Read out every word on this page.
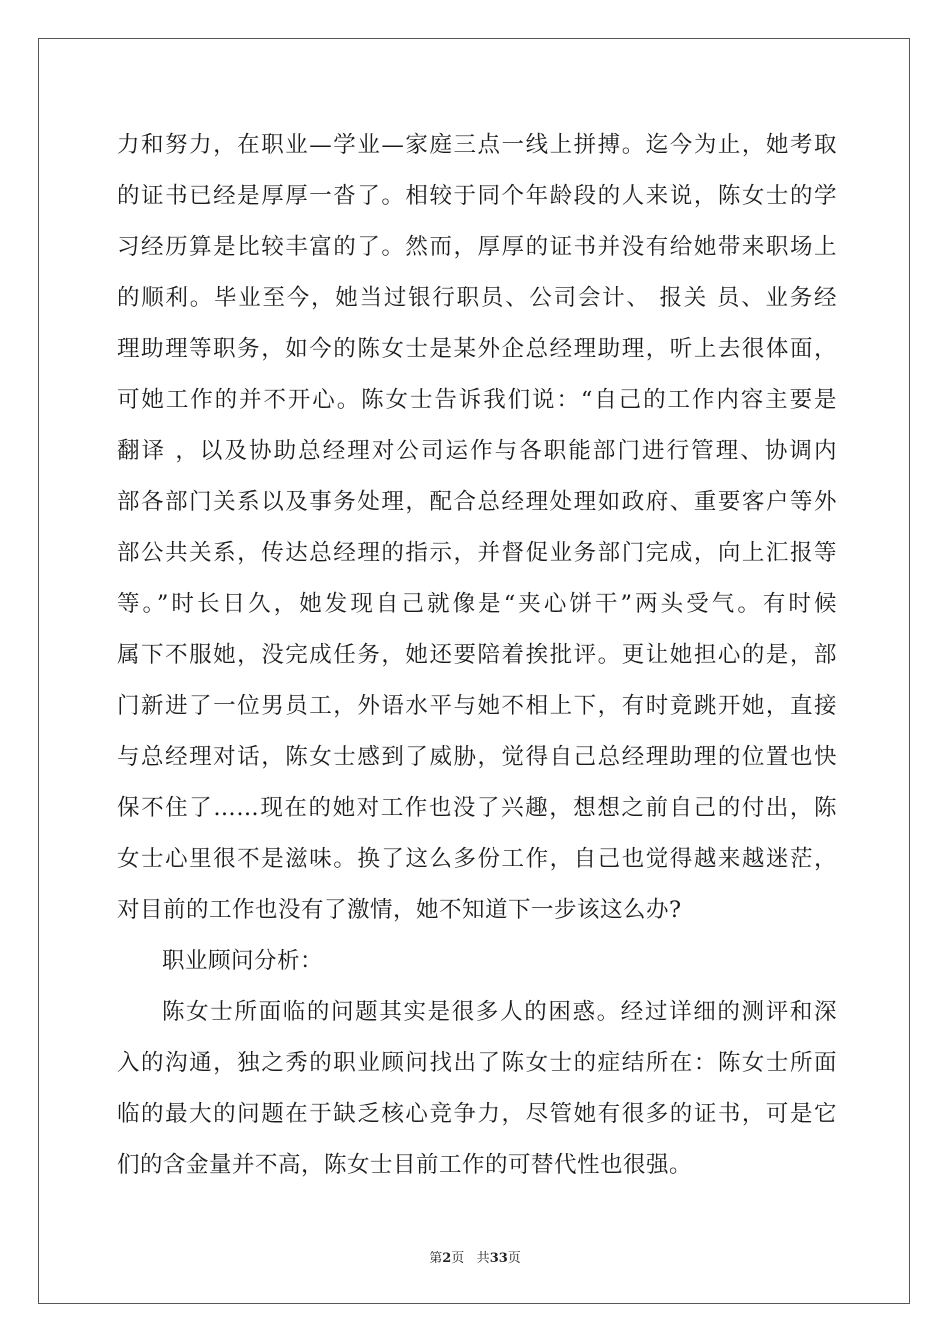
力和努力，在职业—学业—家庭三点一线上拼搏。迄今为止，她考取
的证书已经是厚厚一沓了。相较于同个年龄段的人来说，陈女士的学
习经历算是比较丰富的了。然而，厚厚的证书并没有给她带来职场上
的顺利。毕业至今，她当过银行职员、公司会计、 报关 员、业务经
理助理等职务，如今的陈女士是某外企总经理助理，听上去很体面，
可她工作的并不开心。陈女士告诉我们说：“自己的工作内容主要是
翻译 ，以及协助总经理对公司运作与各职能部门进行管理、协调内
部各部门关系以及事务处理，配合总经理处理如政府、重要客户等外
部公共关系，传达总经理的指示，并督促业务部门完成，向上汇报等
等。”时长日久，她发现自己就像是“夹心饼干”两头受气。有时候
属下不服她，没完成任务，她还要陪着挨批评。更让她担心的是，部
门新进了一位男员工，外语水平与她不相上下，有时竟跳开她，直接
与总经理对话，陈女士感到了威胁，觉得自己总经理助理的位置也快
保不住了……现在的她对工作也没了兴趣，想想之前自己的付出，陈
女士心里很不是滋味。换了这么多份工作，自己也觉得越来越迷茫，
对目前的工作也没有了激情，她不知道下一步该这么办?
职业顾问分析：
陈女士所面临的问题其实是很多人的困惑。经过详细的测评和深
入的沟通，独之秀的职业顾问找出了陈女士的症结所在：陈女士所面
临的最大的问题在于缺乏核心竞争力，尽管她有很多的证书，可是它
们的含金量并不高，陈女士目前工作的可替代性也很强。
第2页 共33页
